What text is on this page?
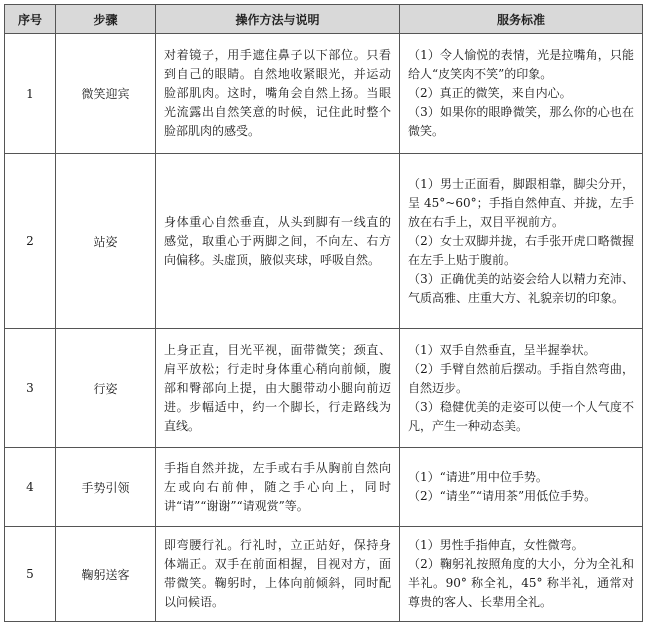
序号	步骤	操作方法与说明	服务标准
1	微笑迎宾	对着镜子，用手遮住鼻子以下部位。只看到自己的眼睛。自然地收紧眼光，并运动脸部肌肉。这时，嘴角会自然上扬。当眼光流露出自然笑意的时候，记住此时整个脸部肌肉的感受。	（1）令人愉悦的表情，光是拉嘴角，只能给人“皮笑肉不笑”的印象。
（2）真正的微笑，来自内心。
（3）如果你的眼睁微笑，那么你的心也在微笑。

2	站姿	身体重心自然垂直，从头到脚有一线直的感觉，取重心于两脚之间，不向左、右方向偏移。头虚顶，腋似夹球，呼吸自然。	（1）男士正面看，脚跟相靠，脚尖分开，呈 45°~60°；手指自然伸直、并拢，左手放在右手上，双目平视前方。
（2）女士双脚并拢，右手张开虎口略微握在左手上贴于腹前。
（3）正确优美的站姿会给人以精力充沛、气质高雅、庄重大方、礼貌亲切的印象。

3	行姿	上身正直，目光平视，面带微笑；颈直、肩平放松；行走时身体重心稍向前倾，腹部和臀部向上提，由大腿带动小腿向前迈进。步幅适中，约一个脚长，行走路线为直线。	（1）双手自然垂直，呈半握拳状。
（2）手臂自然前后摆动。手指自然弯曲，自然迈步。
（3）稳健优美的走姿可以使一个人气度不凡，产生一种动态美。

4	手势引领	手指自然并拢，左手或右手从胸前自然向左或向右前伸，随之手心向上，同时讲“请”“谢谢”“请观赏”等。	（1）“请进”用中位手势。
（2）“请坐”“请用茶”用低位手势。

5	鞠躬送客	即弯腰行礼。行礼时，立正站好，保持身体端正。双手在前面相握，目视对方，面带微笑。鞠躬时，上体向前倾斜，同时配以问候语。	（1）男性手指伸直，女性微弯。
（2）鞠躬礼按照角度的大小，分为全礼和半礼。90° 称全礼，45° 称半礼，通常对尊贵的客人、长辈用全礼。
